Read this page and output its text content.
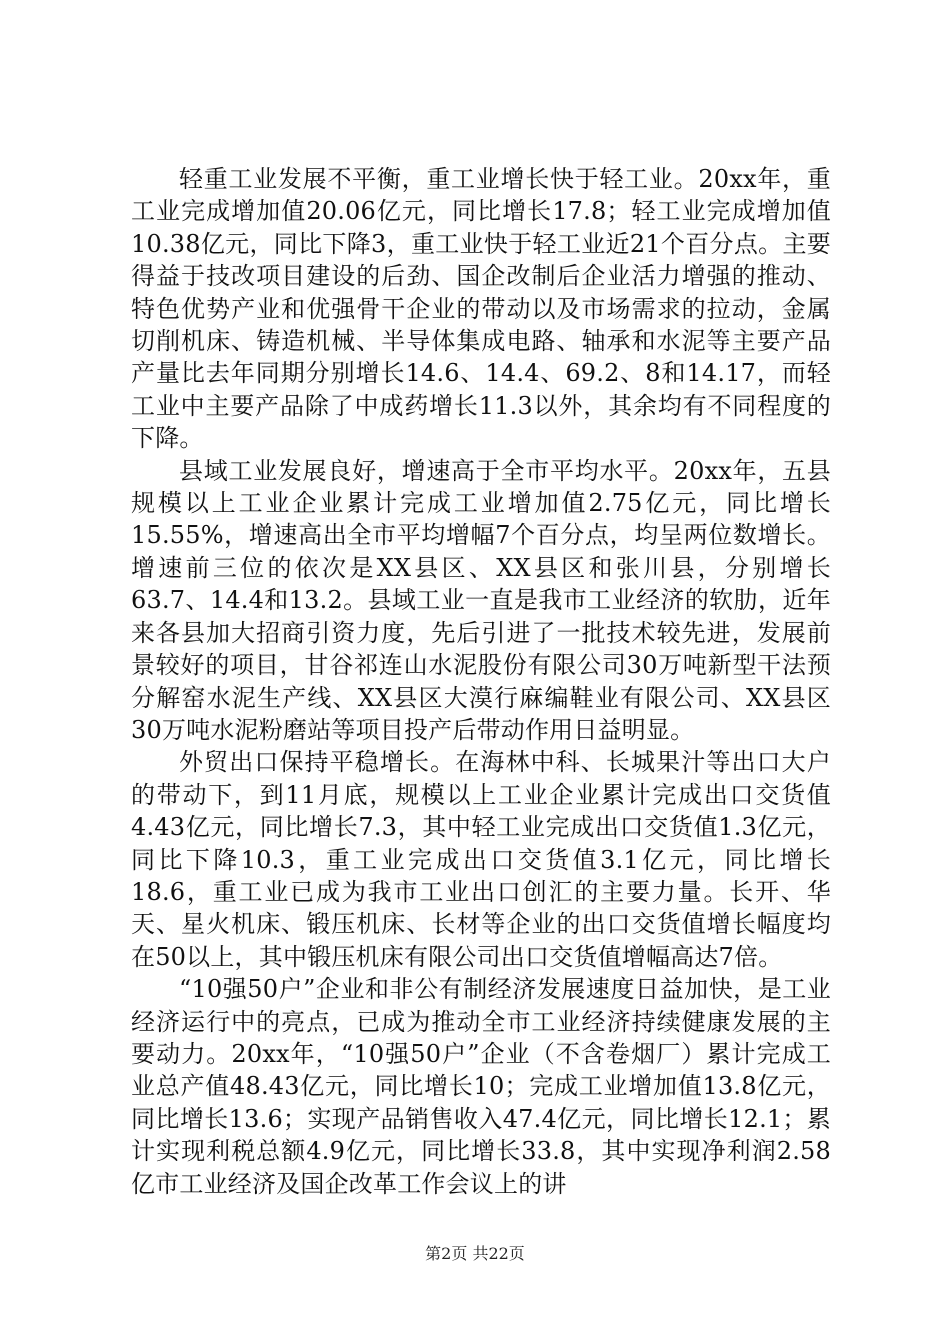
轻重工业发展不平衡，重工业增长快于轻工业。20xx年，重工业完成增加值20.06亿元，同比增长17.8；轻工业完成增加值10.38亿元，同比下降3，重工业快于轻工业近21个百分点。主要得益于技改项目建设的后劲、国企改制后企业活力增强的推动、特色优势产业和优强骨干企业的带动以及市场需求的拉动，金属切削机床、铸造机械、半导体集成电路、轴承和水泥等主要产品产量比去年同期分别增长14.6、14.4、69.2、8和14.17，而轻工业中主要产品除了中成药增长11.3以外，其余均有不同程度的下降。

县域工业发展良好，增速高于全市平均水平。20xx年，五县规模以上工业企业累计完成工业增加值2.75亿元，同比增长15.55%，增速高出全市平均增幅7个百分点，均呈两位数增长。增速前三位的依次是XX县区、XX县区和张川县，分别增长63.7、14.4和13.2。县域工业一直是我市工业经济的软肋，近年来各县加大招商引资力度，先后引进了一批技术较先进，发展前景较好的项目，甘谷祁连山水泥股份有限公司30万吨新型干法预分解窑水泥生产线、XX县区大漠行麻编鞋业有限公司、XX县区30万吨水泥粉磨站等项目投产后带动作用日益明显。

外贸出口保持平稳增长。在海林中科、长城果汁等出口大户的带动下，到11月底，规模以上工业企业累计完成出口交货值4.43亿元，同比增长7.3，其中轻工业完成出口交货值1.3亿元，同比下降10.3，重工业完成出口交货值3.1亿元，同比增长18.6，重工业已成为我市工业出口创汇的主要力量。长开、华天、星火机床、锻压机床、长材等企业的出口交货值增长幅度均在50以上，其中锻压机床有限公司出口交货值增幅高达7倍。

“10强50户”企业和非公有制经济发展速度日益加快，是工业经济运行中的亮点，已成为推动全市工业经济持续健康发展的主要动力。20xx年，“10强50户”企业（不含卷烟厂）累计完成工业总产值48.43亿元，同比增长10；完成工业增加值13.8亿元，同比增长13.6；实现产品销售收入47.4亿元，同比增长12.1；累计实现利税总额4.9亿元，同比增长33.8，其中实现净利润2.58亿市工业经济及国企改革工作会议上的讲

第2页 共22页
